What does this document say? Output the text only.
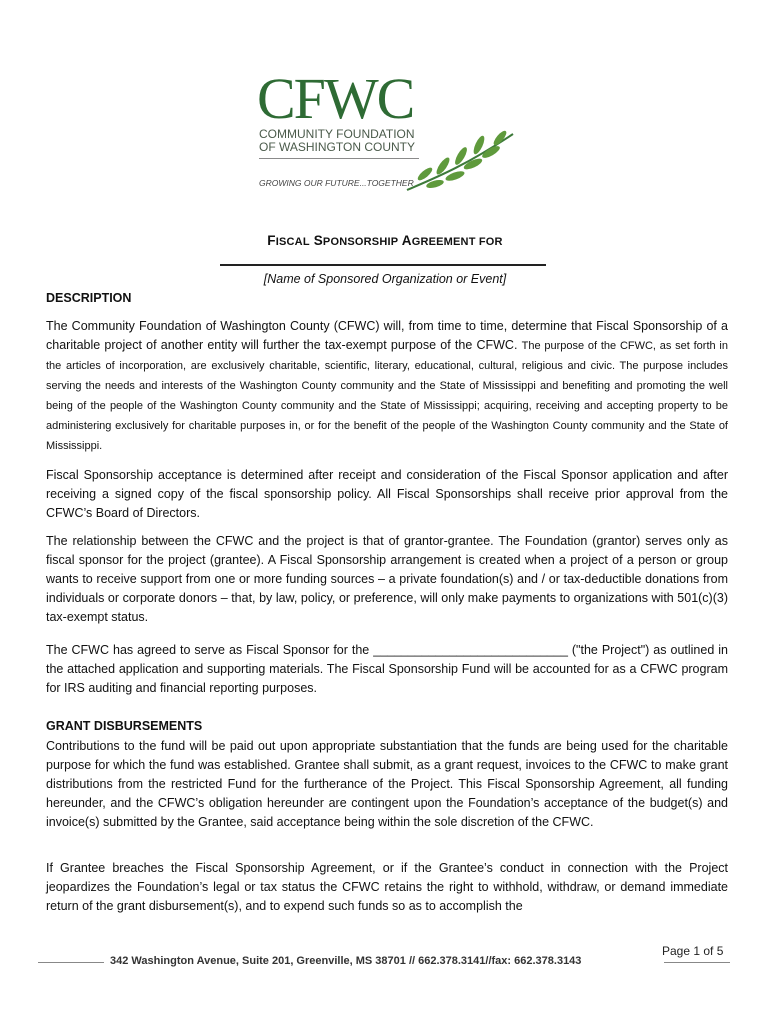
CFWC
COMMUNITY FOUNDATION
OF WASHINGTON COUNTY
GROWING OUR FUTURE...TOGETHER
FISCAL SPONSORSHIP AGREEMENT FOR
[Name of Sponsored Organization or Event]
DESCRIPTION
The Community Foundation of Washington County (CFWC) will, from time to time, determine that Fiscal Sponsorship of a charitable project of another entity will further the tax-exempt purpose of the CFWC. The purpose of the CFWC, as set forth in the articles of incorporation, are exclusively charitable, scientific, literary, educational, cultural, religious and civic. The purpose includes serving the needs and interests of the Washington County community and the State of Mississippi and benefiting and promoting the well being of the people of the Washington County community and the State of Mississippi; acquiring, receiving and accepting property to be administering exclusively for charitable purposes in, or for the benefit of the people of the Washington County community and the State of Mississippi.
Fiscal Sponsorship acceptance is determined after receipt and consideration of the Fiscal Sponsor application and after receiving a signed copy of the fiscal sponsorship policy. All Fiscal Sponsorships shall receive prior approval from the CFWC’s Board of Directors.
The relationship between the CFWC and the project is that of grantor-grantee. The Foundation (grantor) serves only as fiscal sponsor for the project (grantee). A Fiscal Sponsorship arrangement is created when a project of a person or group wants to receive support from one or more funding sources – a private foundation(s) and / or tax-deductible donations from individuals or corporate donors – that, by law, policy, or preference, will only make payments to organizations with 501(c)(3) tax-exempt status.
The CFWC has agreed to serve as Fiscal Sponsor for the ____________________________ ("the Project") as outlined in the attached application and supporting materials. The Fiscal Sponsorship Fund will be accounted for as a CFWC program for IRS auditing and financial reporting purposes.
GRANT DISBURSEMENTS
Contributions to the fund will be paid out upon appropriate substantiation that the funds are being used for the charitable purpose for which the fund was established. Grantee shall submit, as a grant request, invoices to the CFWC to make grant distributions from the restricted Fund for the furtherance of the Project. This Fiscal Sponsorship Agreement, all funding hereunder, and the CFWC’s obligation hereunder are contingent upon the Foundation’s acceptance of the budget(s) and invoice(s) submitted by the Grantee, said acceptance being within the sole discretion of the CFWC.
If Grantee breaches the Fiscal Sponsorship Agreement, or if the Grantee’s conduct in connection with the Project jeopardizes the Foundation’s legal or tax status the CFWC retains the right to withhold, withdraw, or demand immediate return of the grant disbursement(s), and to expend such funds so as to accomplish the
342 Washington Avenue, Suite 201, Greenville, MS 38701 // 662.378.3141//fax: 662.378.3143
Page 1 of 5
